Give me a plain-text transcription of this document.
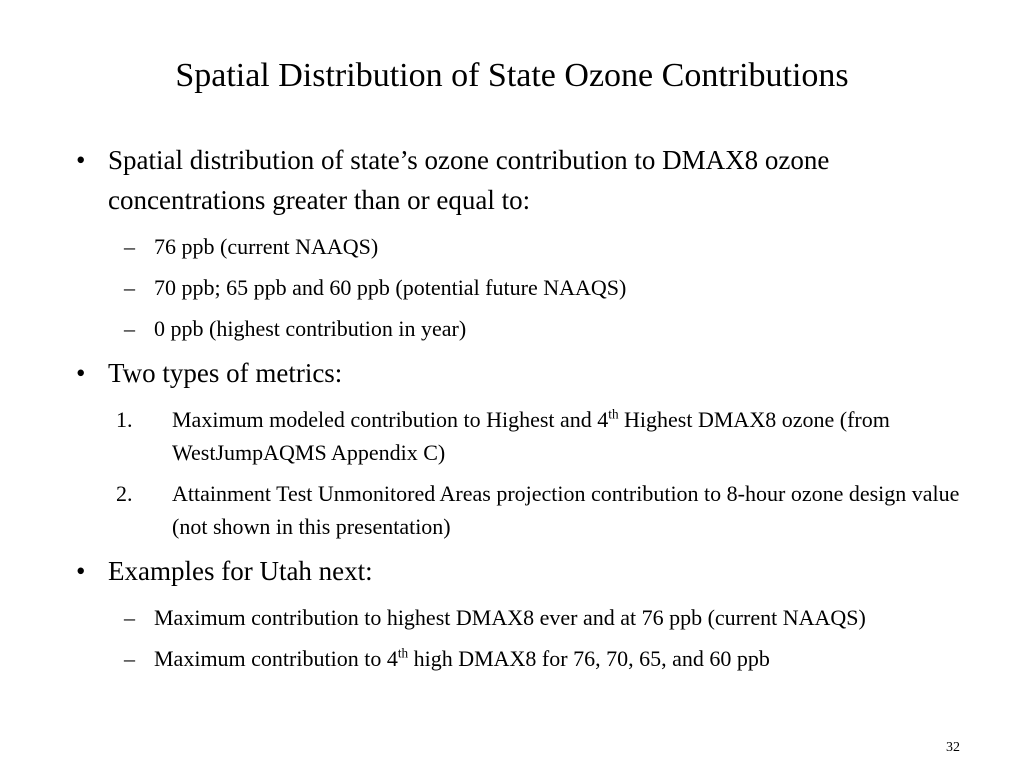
Spatial Distribution of State Ozone Contributions
• Spatial distribution of state’s ozone contribution to DMAX8 ozone concentrations greater than or equal to:
– 76 ppb (current NAAQS)
– 70 ppb; 65 ppb and 60 ppb (potential future NAAQS)
– 0 ppb (highest contribution in year)
• Two types of metrics:
1. Maximum modeled contribution to Highest and 4th Highest DMAX8 ozone (from WestJumpAQMS Appendix C)
2. Attainment Test Unmonitored Areas projection contribution to 8-hour ozone design value (not shown in this presentation)
• Examples for Utah next:
– Maximum contribution to highest DMAX8 ever and at 76 ppb (current NAAQS)
– Maximum contribution to 4th high DMAX8 for 76, 70, 65, and 60 ppb
32
